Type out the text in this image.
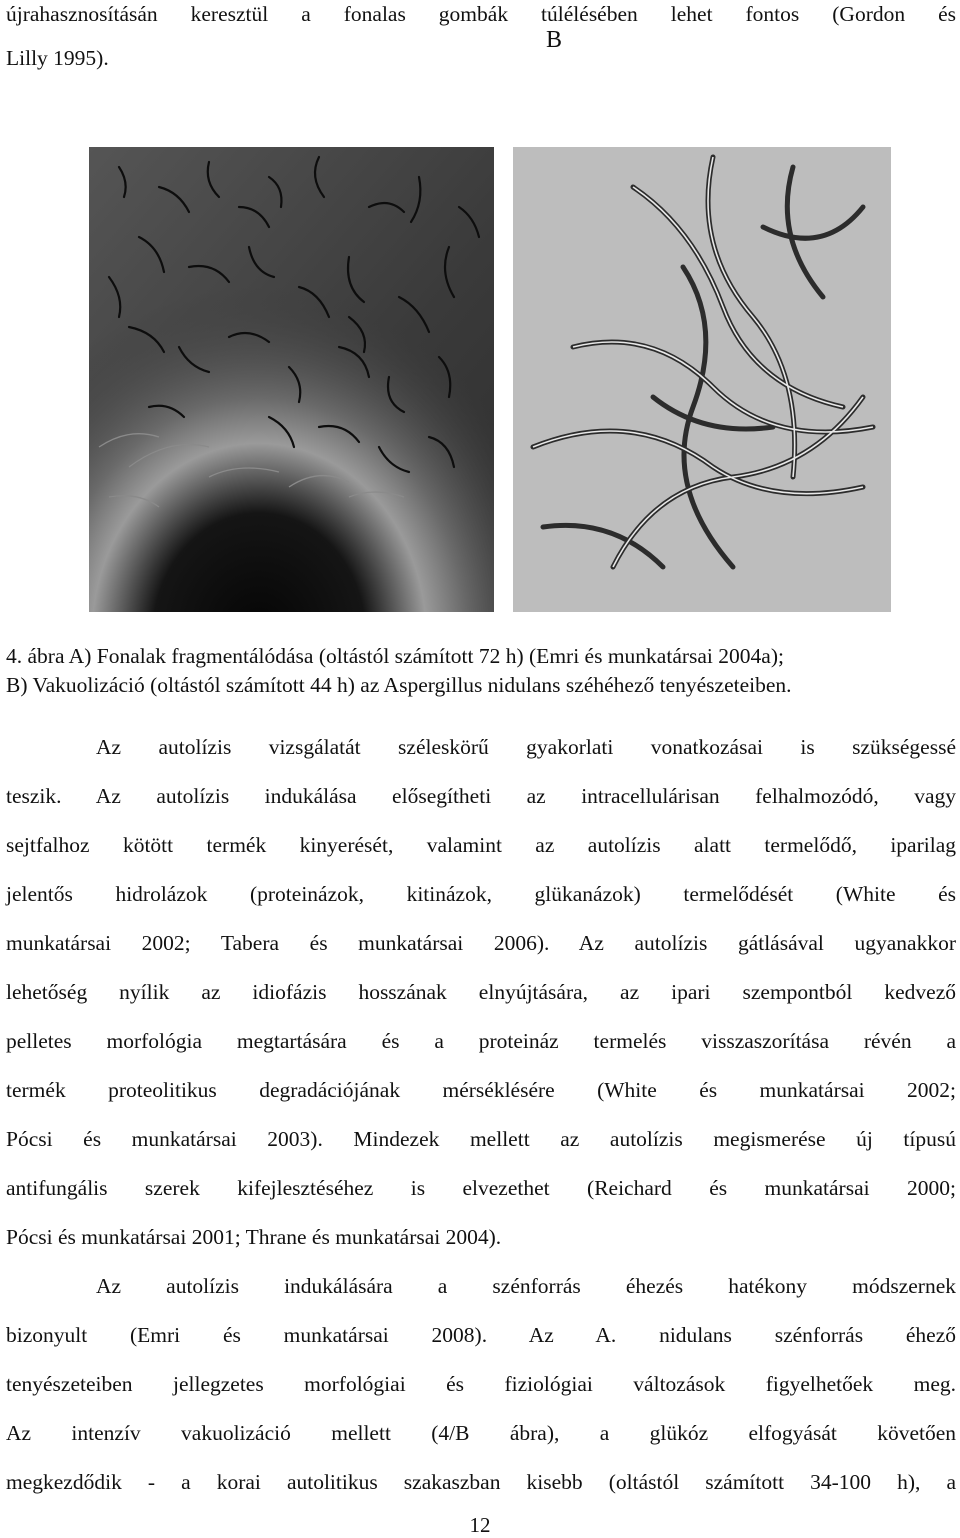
újrahasznosításán keresztül a fonalas gombák túlélésében lehet fontos (Gordon és
Lilly 1995).
A	B
4. ábra A) Fonalak fragmentálódása (oltástól számított 72 h) (Emri és munkatársai 2004a);
B) Vakuolizáció (oltástól számított 44 h) az Aspergillus nidulans széhéhező tenyészeteiben.
Az autolízis vizsgálatát széleskörű gyakorlati vonatkozásai is szükségessé
teszik. Az autolízis indukálása elősegítheti az intracellulárisan felhalmozódó, vagy
sejtfalhoz kötött termék kinyerését, valamint az autolízis alatt termelődő, iparilag
jelentős hidrolázok (proteinázok, kitinázok, glükanázok) termelődését (White és
munkatársai 2002; Tabera és munkatársai 2006). Az autolízis gátlásával ugyanakkor
lehetőség nyílik az idiofázis hosszának elnyújtására, az ipari szempontból kedvező
pelletes morfológia megtartására és a proteináz termelés visszaszorítása révén a
termék proteolitikus degradációjának mérséklésére (White és munkatársai 2002;
Pócsi és munkatársai 2003). Mindezek mellett az autolízis megismerése új típusú
antifungális szerek kifejlesztéséhez is elvezethet (Reichard és munkatársai 2000;
Pócsi és munkatársai 2001; Thrane és munkatársai 2004).
Az autolízis indukálására a szénforrás éhezés hatékony módszernek
bizonyult (Emri és munkatársai 2008). Az A. nidulans szénforrás éhező
tenyészeteiben jellegzetes morfológiai és fiziológiai változások figyelhetőek meg.
Az intenzív vakuolizáció mellett (4/B ábra), a glükóz elfogyását követően
megkezdődik - a korai autolitikus szakaszban kisebb (oltástól számított 34-100 h), a
12
